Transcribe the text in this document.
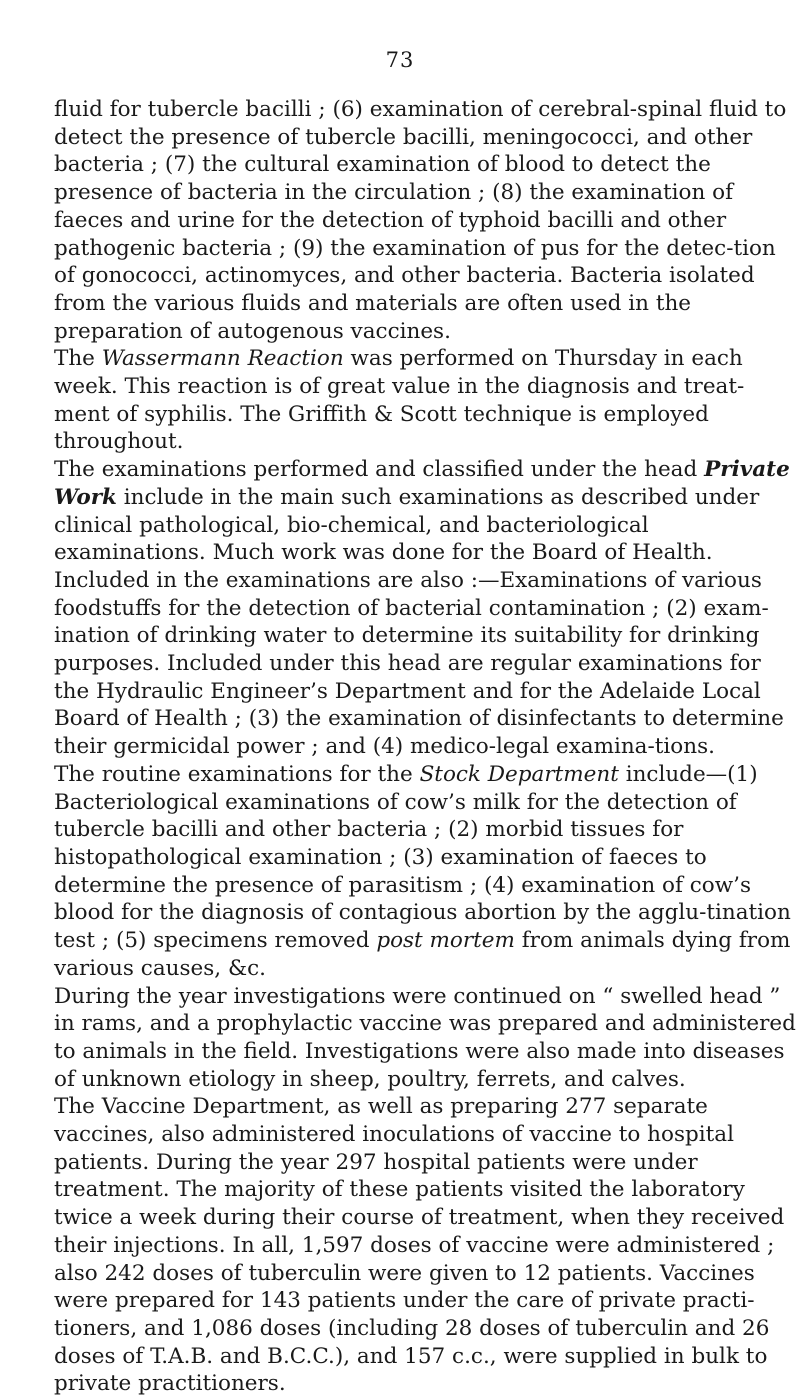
73

fluid for tubercle bacilli ; (6) examination of cerebral-spinal fluid to detect the presence of tubercle bacilli, meningococci, and other bacteria ; (7) the cultural examination of blood to detect the presence of bacteria in the circulation ; (8) the examination of faeces and urine for the detection of typhoid bacilli and other pathogenic bacteria ; (9) the examination of pus for the detec-tion of gonococci, actinomyces, and other bacteria. Bacteria isolated from the various fluids and materials are often used in the preparation of autogenous vaccines.

The Wassermann Reaction was performed on Thursday in each week. This reaction is of great value in the diagnosis and treat-ment of syphilis. The Griffith & Scott technique is employed throughout.

The examinations performed and classified under the head Private Work include in the main such examinations as described under clinical pathological, bio-chemical, and bacteriological examinations. Much work was done for the Board of Health. Included in the examinations are also :—Examinations of various foodstuffs for the detection of bacterial contamination ; (2) exam-ination of drinking water to determine its suitability for drinking purposes. Included under this head are regular examinations for the Hydraulic Engineer’s Department and for the Adelaide Local Board of Health ; (3) the examination of disinfectants to determine their germicidal power ; and (4) medico-legal examina-tions.

The routine examinations for the Stock Department include—(1) Bacteriological examinations of cow’s milk for the detection of tubercle bacilli and other bacteria ; (2) morbid tissues for histopathological examination ; (3) examination of faeces to determine the presence of parasitism ; (4) examination of cow’s blood for the diagnosis of contagious abortion by the agglu-tination test ; (5) specimens removed post mortem from animals dying from various causes, &c.

During the year investigations were continued on “ swelled head ” in rams, and a prophylactic vaccine was prepared and administered to animals in the field. Investigations were also made into diseases of unknown etiology in sheep, poultry, ferrets, and calves.

The Vaccine Department, as well as preparing 277 separate vaccines, also administered inoculations of vaccine to hospital patients. During the year 297 hospital patients were under treatment. The majority of these patients visited the laboratory twice a week during their course of treatment, when they received their injections. In all, 1,597 doses of vaccine were administered ; also 242 doses of tuberculin were given to 12 patients. Vaccines were prepared for 143 patients under the care of private practi-tioners, and 1,086 doses (including 28 doses of tuberculin and 26 doses of T.A.B. and B.C.C.), and 157 c.c., were supplied in bulk to private practitioners.
